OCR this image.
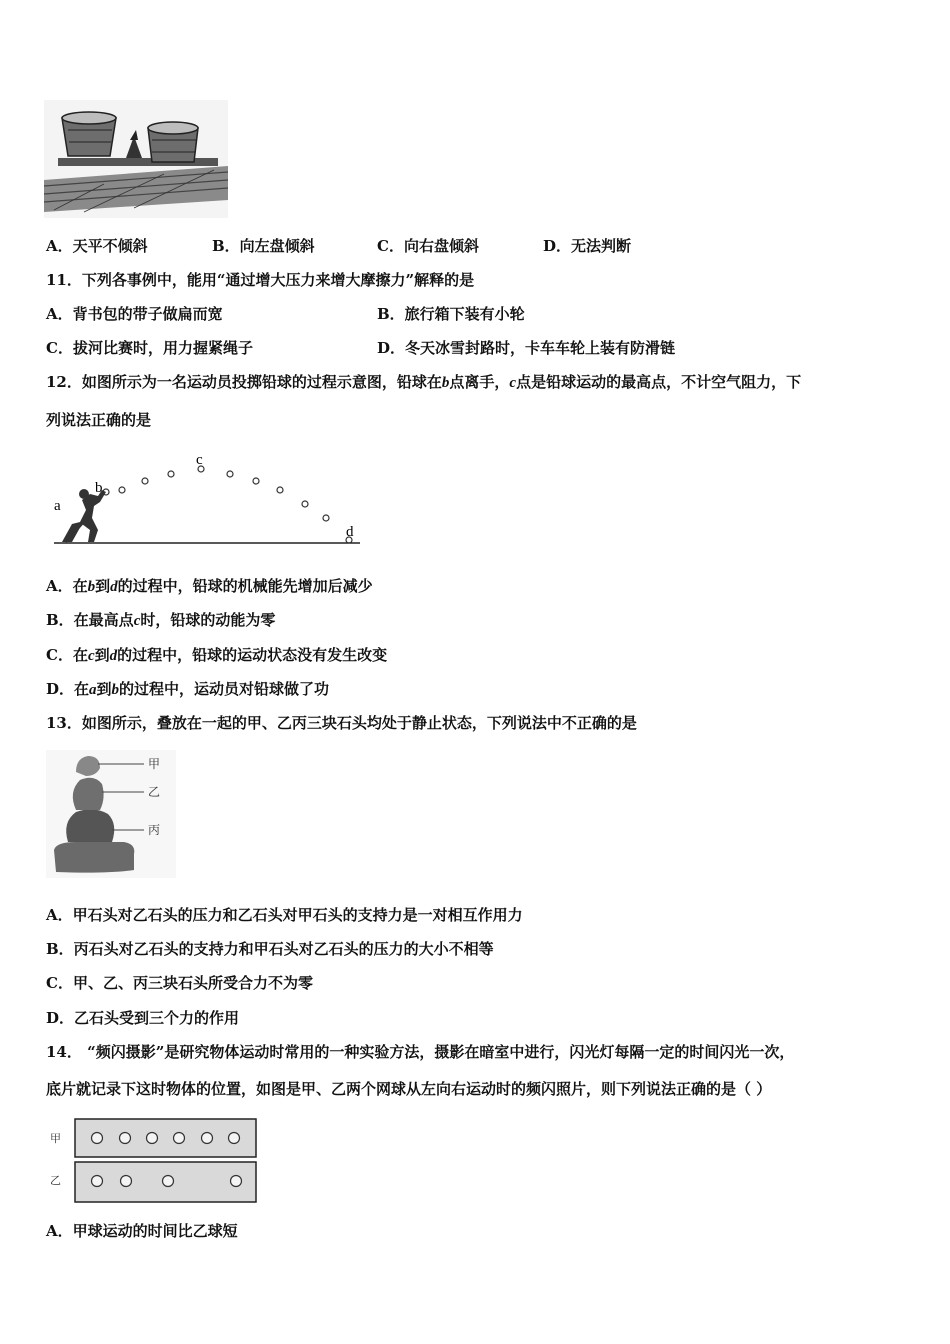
A．天平不倾斜	B．向左盘倾斜	C．向右盘倾斜	D．无法判断
11．下列各事例中，能用“通过增大压力来增大摩擦力”解释的是
A．背书包的带子做扁而宽	B．旅行箱下装有小轮
C．拔河比赛时，用力握紧绳子	D．冬天冰雪封路时，卡车车轮上装有防滑链
12．如图所示为一名运动员投掷铅球的过程示意图，铅球在b点离手，c点是铅球运动的最高点，不计空气阻力，下
列说法正确的是
a
b
c
d
A．在b到d的过程中，铅球的机械能先增加后减少
B．在最高点c时，铅球的动能为零
C．在c到d的过程中，铅球的运动状态没有发生改变
D．在a到b的过程中，运动员对铅球做了功
13．如图所示，叠放在一起的甲、乙丙三块石头均处于静止状态，下列说法中不正确的是
甲
乙
丙
A．甲石头对乙石头的压力和乙石头对甲石头的支持力是一对相互作用力
B．丙石头对乙石头的支持力和甲石头对乙石头的压力的大小不相等
C．甲、乙、丙三块石头所受合力不为零
D．乙石头受到三个力的作用
14． “频闪摄影”是研究物体运动时常用的一种实验方法，摄影在暗室中进行，闪光灯每隔一定的时间闪光一次，
底片就记录下这时物体的位置，如图是甲、乙两个网球从左向右运动时的频闪照片，则下列说法正确的是（ ）
甲
乙
A．甲球运动的时间比乙球短
